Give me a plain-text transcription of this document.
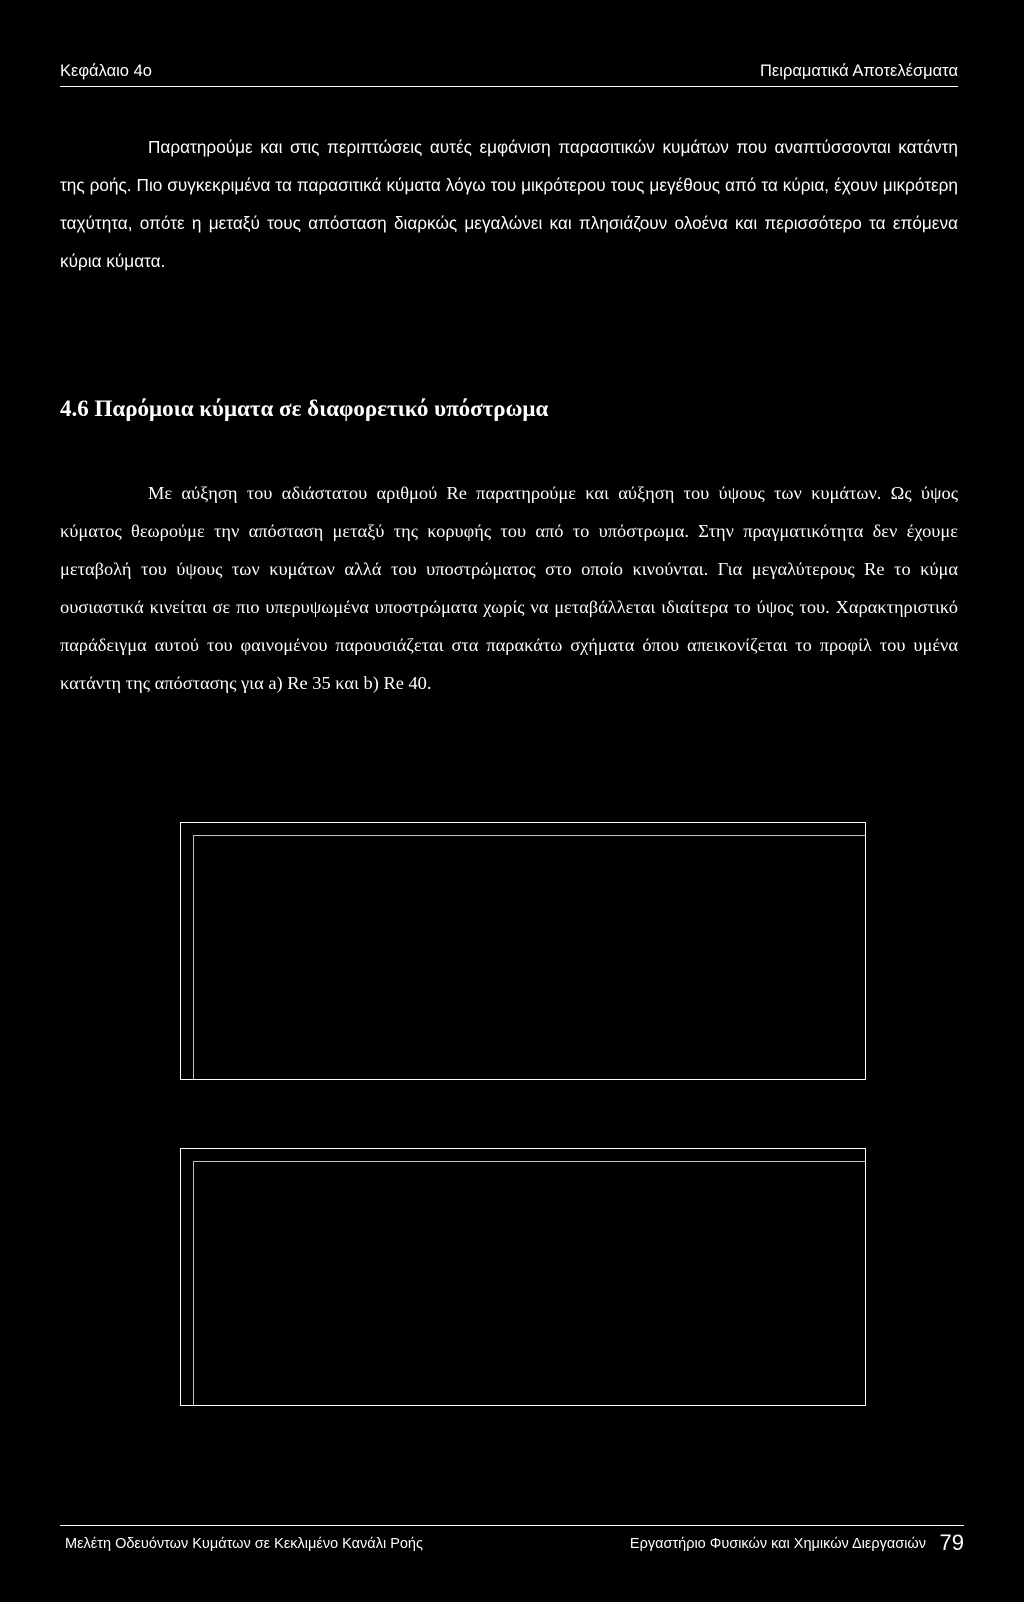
Κεφάλαιο 4ο	Πειραματικά Αποτελέσματα

Παρατηρούμε και στις περιπτώσεις αυτές εμφάνιση παρασιτικών κυμάτων που αναπτύσσονται κατάντη της ροής. Πιο συγκεκριμένα τα παρασιτικά κύματα λόγω του μικρότερου τους μεγέθους από τα κύρια, έχουν μικρότερη ταχύτητα, οπότε η μεταξύ τους απόσταση διαρκώς μεγαλώνει και πλησιάζουν ολοένα και περισσότερο τα επόμενα κύρια κύματα.

4.6 Παρόμοια κύματα σε διαφορετικό υπόστρωμα

Με αύξηση του αδιάστατου αριθμού Re παρατηρούμε και αύξηση του ύψους των κυμάτων. Ως ύψος κύματος θεωρούμε την απόσταση μεταξύ της κορυφής του από το υπόστρωμα. Στην πραγματικότητα δεν έχουμε μεταβολή του ύψους των κυμάτων αλλά του υποστρώματος στο οποίο κινούνται. Για μεγαλύτερους Re το κύμα ουσιαστικά κινείται σε πιο υπερυψωμένα υποστρώματα χωρίς να μεταβάλλεται ιδιαίτερα το ύψος του. Χαρακτηριστικό παράδειγμα αυτού του φαινομένου παρουσιάζεται στα παρακάτω σχήματα όπου απεικονίζεται το προφίλ του υμένα κατάντη της απόστασης για a) Re 35 και b) Re 40.

Μελέτη Οδευόντων Κυμάτων σε Κεκλιμένο Κανάλι Ροής	Εργαστήριο Φυσικών και Χημικών Διεργασιών 79
